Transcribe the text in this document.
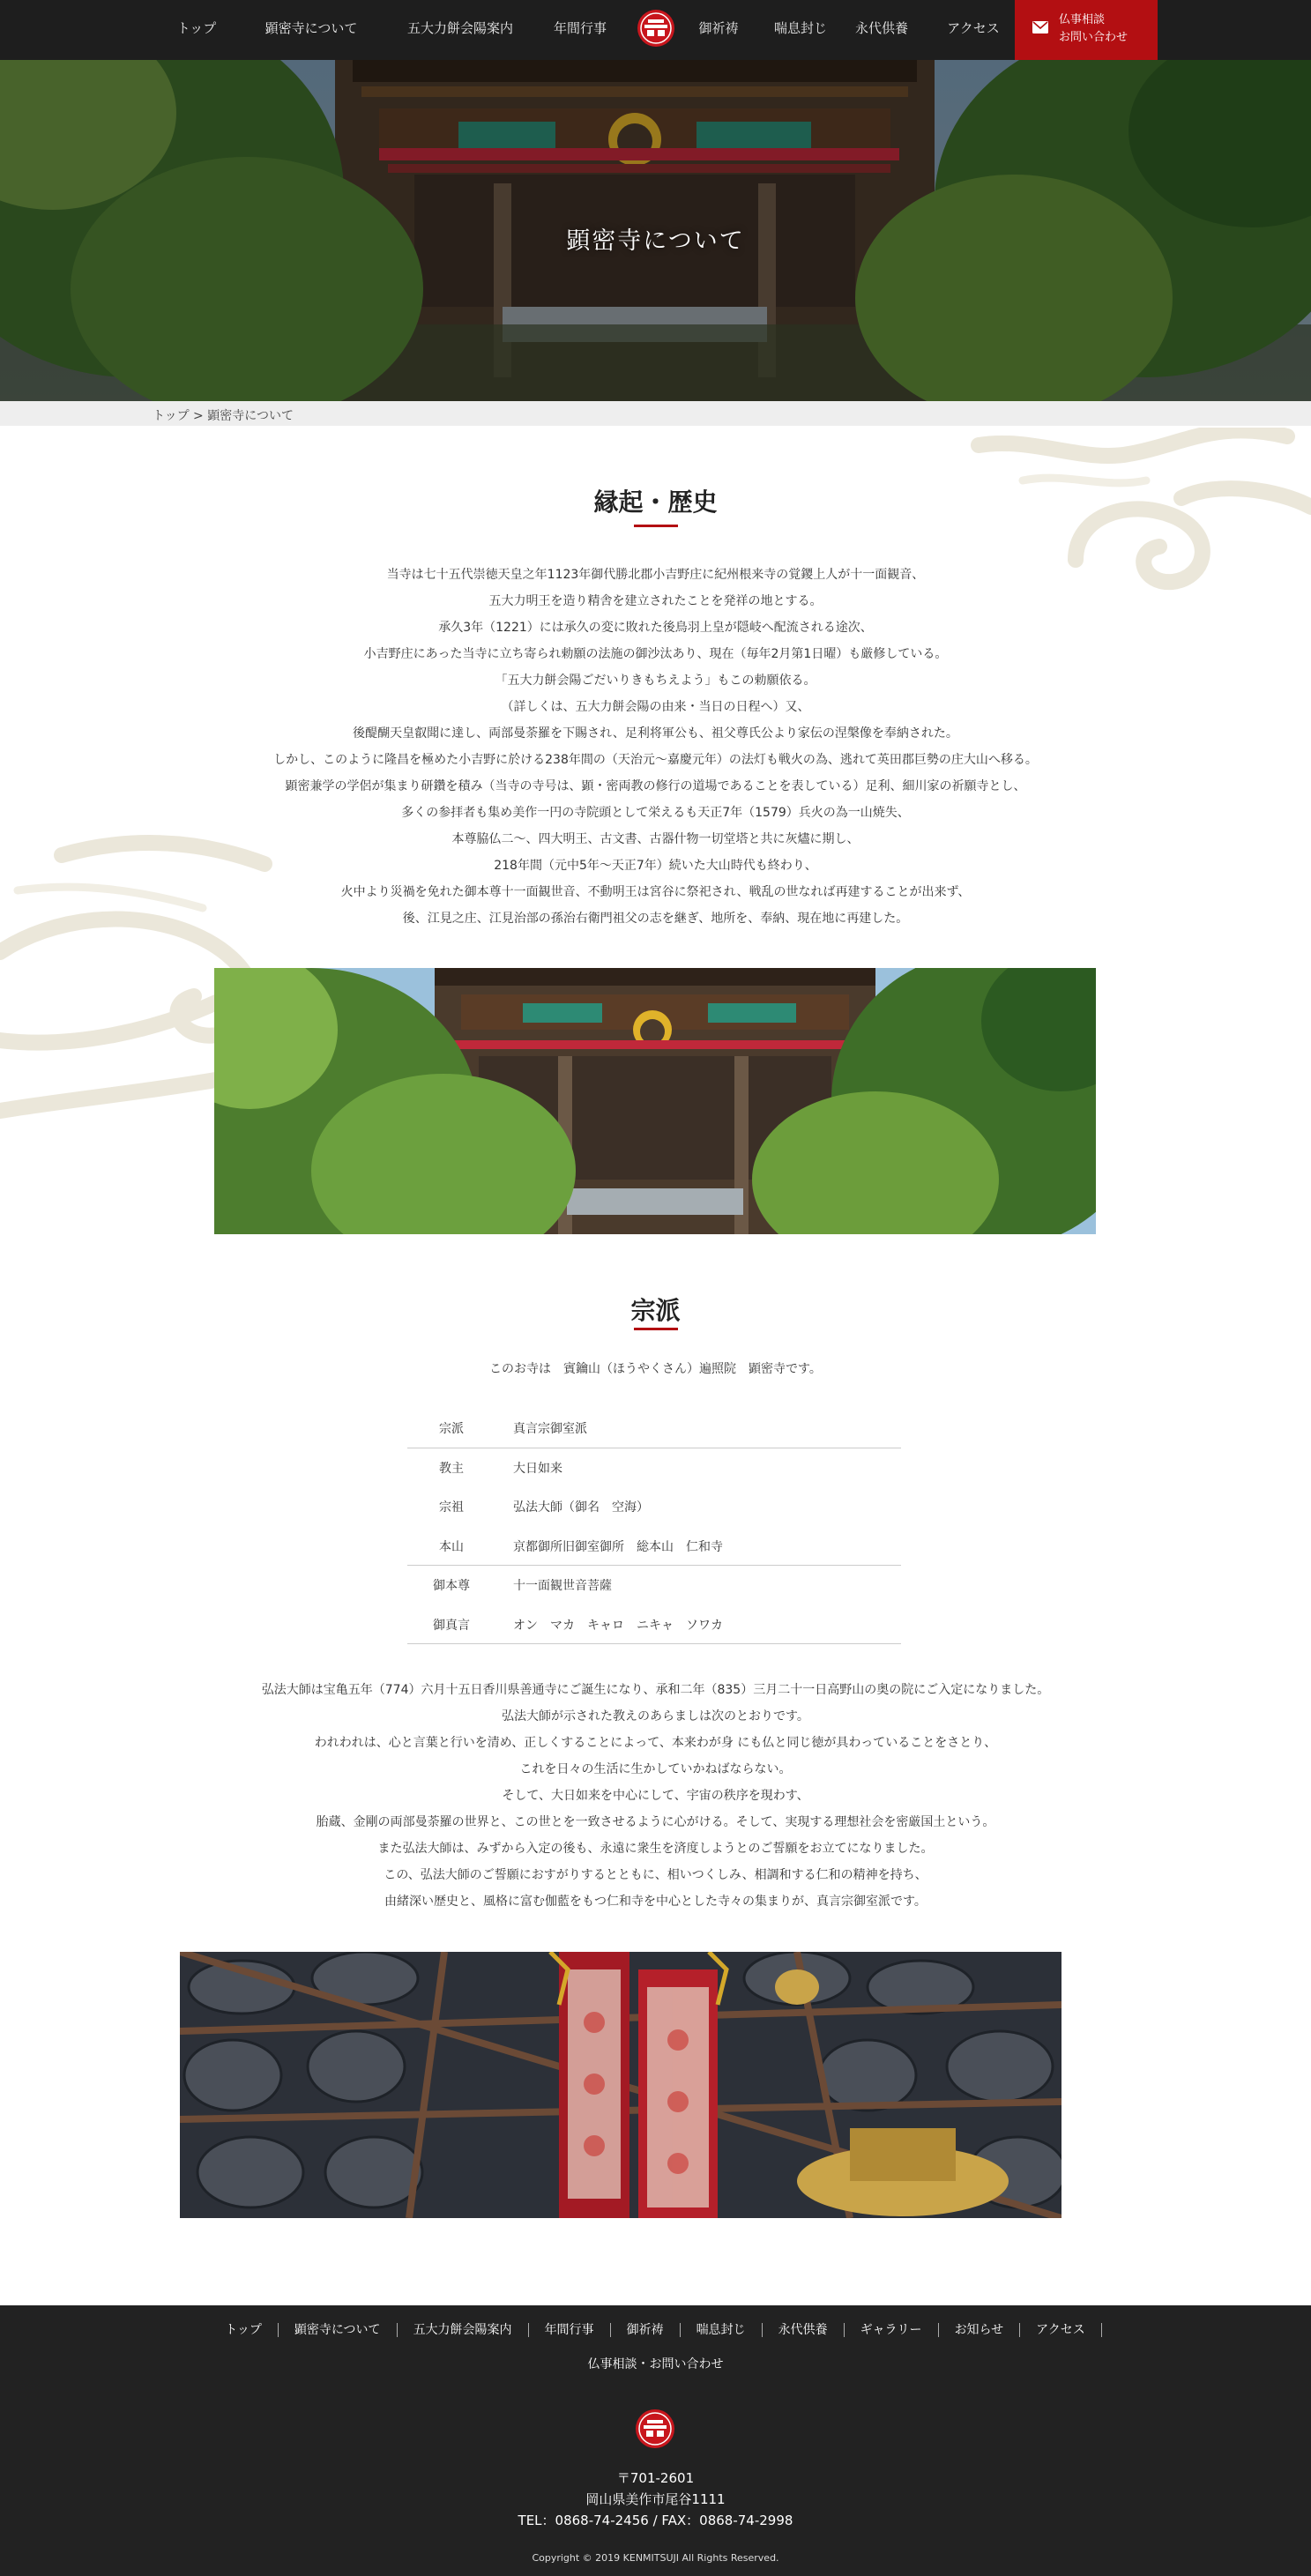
トップ	顕密寺について	五大力餅会陽案内	年間行事	御祈祷	喘息封じ 永代供養	アクセス
仏事相談
お問い合わせ
顕密寺について
トップ > 顕密寺について
縁起・歴史
当寺は七十五代崇徳天皇之年1123年御代勝北郡小吉野庄に紀州根来寺の覚鑁上人が十一面観音、
五大力明王を造り精舎を建立されたことを発祥の地とする。
承久3年（1221）には承久の変に敗れた後鳥羽上皇が隠岐へ配流される途次、
小吉野庄にあった当寺に立ち寄られ勅願の法施の御沙汰あり、現在（毎年2月第1日曜）も厳修している。
「五大力餅会陽ごだいりきもちえよう」もこの勅願依る。
（詳しくは、五大力餅会陽の由来・当日の日程へ）又、
後醍醐天皇叡聞に達し、両部曼荼羅を下賜され、足利将軍公も、祖父尊氏公より家伝の涅槃像を奉納された。
しかし、このように隆昌を極めた小吉野に於ける238年間の（天治元～嘉慶元年）の法灯も戦火の為、逃れて英田郡巨勢の庄大山へ移る。
顕密兼学の学侶が集まり研鑽を積み（当寺の寺号は、顕・密両教の修行の道場であることを表している）足利、細川家の祈願寺とし、
多くの参拝者も集め美作一円の寺院頭として栄えるも天正7年（1579）兵火の為一山焼失、
本尊脇仏二～、四大明王、古文書、古器什物一切堂塔と共に灰燼に期し、
218年間（元中5年～天正7年）続いた大山時代も終わり、
火中より災禍を免れた御本尊十一面観世音、不動明王は宮谷に祭祀され、戦乱の世なれば再建することが出来ず、
後、江見之庄、江見治部の孫治右衛門祖父の志を継ぎ、地所を、奉納、現在地に再建した。
宗派
このお寺は　賓鑰山（ほうやくさん）遍照院　顕密寺です。
宗派	真言宗御室派
教主	大日如来
宗祖	弘法大師（御名　空海）
本山	京都御所旧御室御所　総本山　仁和寺
御本尊	十一面観世音菩薩
御真言	オン　マカ　キャロ　ニキャ　ソワカ
弘法大師は宝亀五年（774）六月十五日香川県善通寺にご誕生になり、承和二年（835）三月二十一日高野山の奥の院にご入定になりました。
弘法大師が示された教えのあらましは次のとおりです。
われわれは、心と言葉と行いを清め、正しくすることによって、本来わが身 にも仏と同じ徳が具わっていることをさとり、
これを日々の生活に生かしていかねばならない。
そして、大日如来を中心にして、宇宙の秩序を現わす、
胎蔵、金剛の両部曼荼羅の世界と、この世とを一致させるように心がける。そして、実現する理想社会を密厳国土という。
また弘法大師は、みずから入定の後も、永遠に衆生を済度しようとのご誓願をお立てになりました。
この、弘法大師のご誓願におすがりするとともに、相いつくしみ、相調和する仁和の精神を持ち、
由緒深い歴史と、風格に富む伽藍をもつ仁和寺を中心とした寺々の集まりが、真言宗御室派です。
トップ	顕密寺について	五大力餅会陽案内	年間行事	御祈祷	喘息封じ	永代供養	ギャラリー	お知らせ	アクセス
仏事相談・お問い合わせ
〒701-2601
岡山県美作市尾谷1111
TEL：0868-74-2456 / FAX：0868-74-2998
Copyright © 2019 KENMITSUJI All Rights Reserved.
